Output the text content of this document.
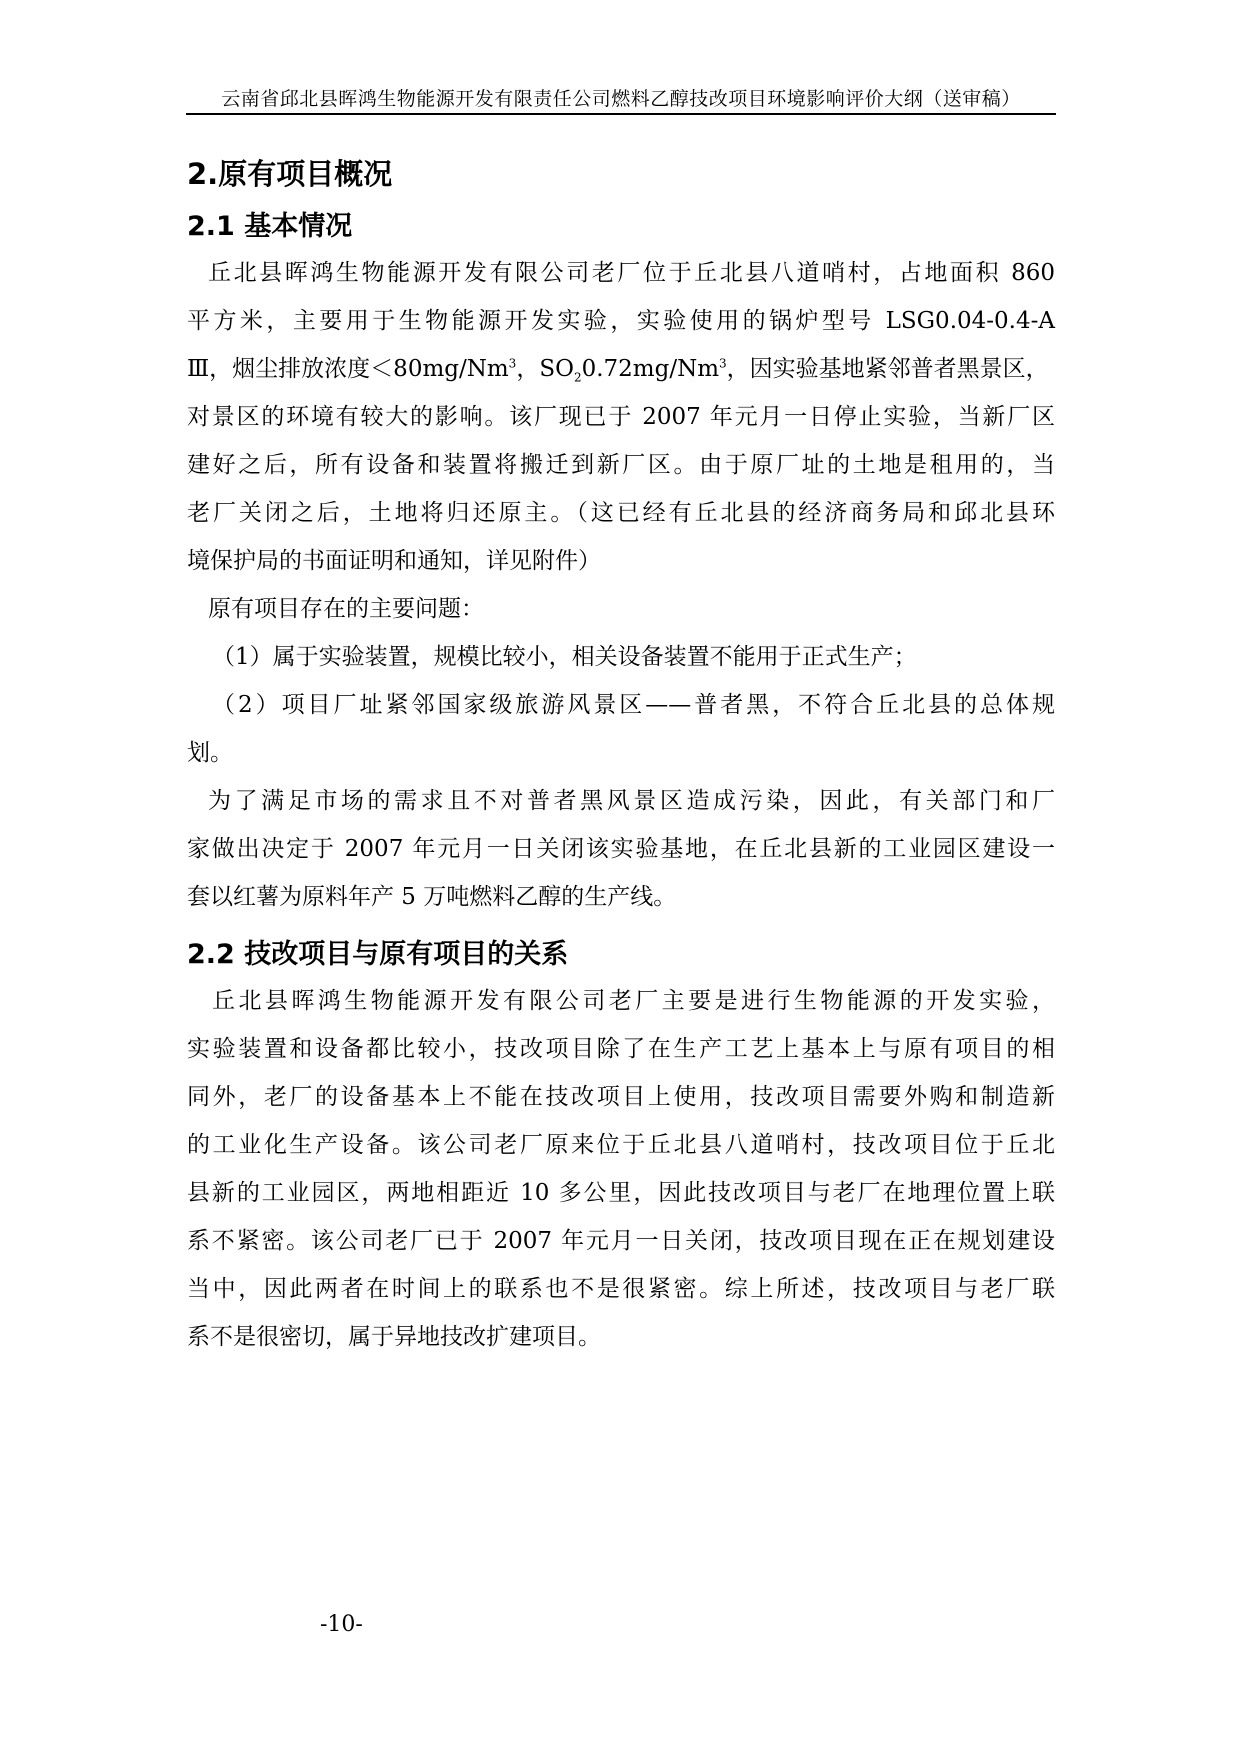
云南省邱北县晖鸿生物能源开发有限责任公司燃料乙醇技改项目环境影响评价大纲（送审稿）
2.原有项目概况
2.1 基本情况
丘北县晖鸿生物能源开发有限公司老厂位于丘北县八道哨村，占地面积 860
平方米，主要用于生物能源开发实验，实验使用的锅炉型号 LSG0.04-0.4-A
Ⅲ，烟尘排放浓度$<80mg/Nm^3$，$SO_20.72mg/Nm^3$，因实验基地紧邻普者黑景区，
对景区的环境有较大的影响。该厂现已于 2007 年元月一日停止实验，当新厂区
建好之后，所有设备和装置将搬迁到新厂区。由于原厂址的土地是租用的，当
老厂关闭之后，土地将归还原主。（这已经有丘北县的经济商务局和邱北县环
境保护局的书面证明和通知，详见附件）
原有项目存在的主要问题：
（1）属于实验装置，规模比较小，相关设备装置不能用于正式生产；
（2）项目厂址紧邻国家级旅游风景区——普者黑，不符合丘北县的总体规
划。
为了满足市场的需求且不对普者黑风景区造成污染，因此，有关部门和厂
家做出决定于 2007 年元月一日关闭该实验基地，在丘北县新的工业园区建设一
套以红薯为原料年产 5 万吨燃料乙醇的生产线。
2.2 技改项目与原有项目的关系
丘北县晖鸿生物能源开发有限公司老厂主要是进行生物能源的开发实验，
实验装置和设备都比较小，技改项目除了在生产工艺上基本上与原有项目的相
同外，老厂的设备基本上不能在技改项目上使用，技改项目需要外购和制造新
的工业化生产设备。该公司老厂原来位于丘北县八道哨村，技改项目位于丘北
县新的工业园区，两地相距近 10 多公里，因此技改项目与老厂在地理位置上联
系不紧密。该公司老厂已于 2007 年元月一日关闭，技改项目现在正在规划建设
当中，因此两者在时间上的联系也不是很紧密。综上所述，技改项目与老厂联
系不是很密切，属于异地技改扩建项目。
-10-
